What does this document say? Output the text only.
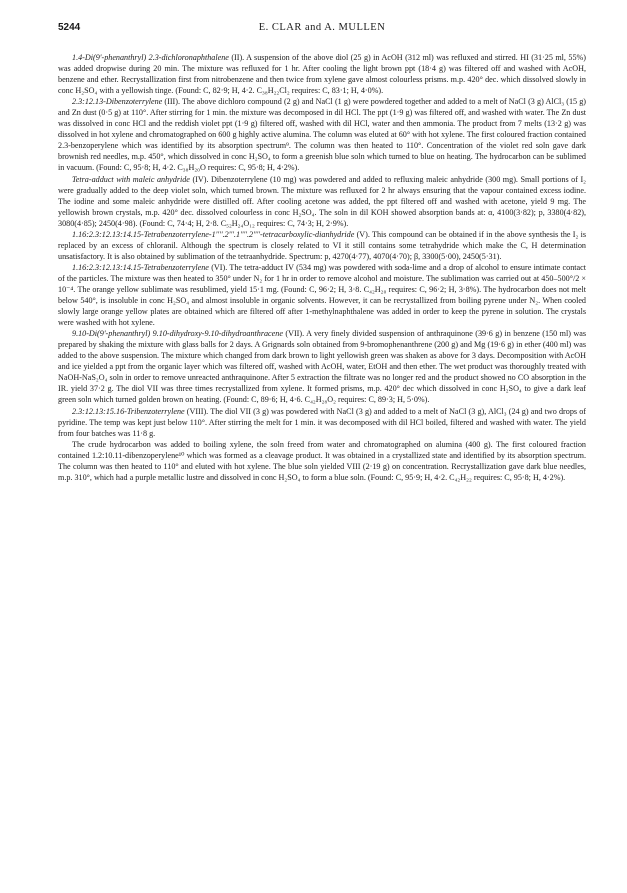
5244	E. CLAR and A. MULLEN

1.4-Di(9'-phenanthryl) 2.3-dichloronaphthalene (II). A suspension of the above diol (25 g) in AcOH (312 ml) was refluxed and stirred. HI (31·25 ml, 55%) was added dropwise during 20 min. The mixture was refluxed for 1 hr. After cooling the light brown ppt (18·4 g) was filtered off and washed with AcOH, benzene and ether. Recrystallization first from nitrobenzene and then twice from xylene gave almost colourless prisms. m.p. 420° dec. which dissolved slowly in conc H₂SO₄ with a yellowish tinge. (Found: C, 82·9; H, 4·2. C₃₈H₂₂Cl₂ requires: C, 83·1; H, 4·0%).

2.3:12.13-Dibenzoterrylene (III). The above dichloro compound (2 g) and NaCl (1 g) were powdered together and added to a melt of NaCl (3 g) AlCl₃ (15 g) and Zn dust (0·5 g) at 110°. After stirring for 1 min. the mixture was decomposed in dil HCl. The ppt (1·9 g) was filtered off, and washed with water. The Zn dust was dissolved in conc HCl and the reddish violet ppt (1·9 g) filtered off, washed with dil HCl, water and then ammonia. The product from 7 melts (13·2 g) was dissolved in hot xylene and chromatographed on 600 g highly active alumina. The column was eluted at 60° with hot xylene. The first coloured fraction contained 2.3-benzoperylene which was identified by its absorption spectrum⁹. The column was then heated to 110°. Concentration of the violet red soln gave dark brownish red needles, m.p. 450°, which dissolved in conc H₂SO₄ to form a greenish blue soln which turned to blue on heating. The hydrocarbon can be sublimed in vacuum. (Found: C, 95·8; H, 4·2. C₃₈H₂₀O requires: C, 95·8; H, 4·2%).

Tetra-adduct with maleic anhydride (IV). Dibenzoterrylene (10 mg) was powdered and added to refluxing maleic anhydride (300 mg). Small portions of I₂ were gradually added to the deep violet soln, which turned brown. The mixture was refluxed for 2 hr always ensuring that the vapour contained excess iodine. The iodine and some maleic anhydride were distilled off. After cooling acetone was added, the ppt filtered off and washed with acetone, yield 9 mg. The yellowish brown crystals, m.p. 420° dec. dissolved colourless in conc H₂SO₄. The soln in dil KOH showed absorption bands at: α, 4100(3·82); p, 3380(4·82), 3080(4·85); 2450(4·98). (Found: C, 74·4; H, 2·8. C₅₂H₂₄O₁₂ requires: C, 74·3; H, 2·9%).

1.16:2.3:12.13:14.15-Tetrabenzoterrylene-1''''.2'''.1''''.2''''-tetracarboxylic-dianhydride (V). This compound can be obtained if in the above synthesis the I₂ is replaced by an excess of chloranil. Although the spectrum is closely related to VI it still contains some tetrahydride which make the C, H determination unsatisfactory. It is also obtained by sublimation of the tetraanhydride. Spectrum: p, 4270(4·77), 4070(4·70); β, 3300(5·00), 2450(5·31).

1.16:2.3:12.13:14.15-Tetrabenzoterrylene (VI). The tetra-adduct IV (534 mg) was powdered with soda-lime and a drop of alcohol to ensure intimate contact of the particles. The mixture was then heated to 350° under N₂ for 1 hr in order to remove alcohol and moisture. The sublimation was carried out at 450–500°/2 × 10⁻⁴. The orange yellow sublimate was resublimed, yield 15·1 mg. (Found: C, 96·2; H, 3·8. C₄₂H₂₀ requires: C, 96·2; H, 3·8%). The hydrocarbon does not melt below 540°, is insoluble in conc H₂SO₄ and almost insoluble in organic solvents. However, it can be recrystallized from boiling pyrene under N₂. When cooled slowly large orange yellow plates are obtained which are filtered off after 1-methylnaphthalene was added in order to keep the pyrene in solution. The crystals were washed with hot xylene.

9.10-Di(9'-phenanthryl) 9.10-dihydroxy-9.10-dihydroanthracene (VII). A very finely divided suspension of anthraquinone (39·6 g) in benzene (150 ml) was prepared by shaking the mixture with glass balls for 2 days. A Grignards soln obtained from 9-bromophenanthrene (200 g) and Mg (19·6 g) in ether (400 ml) was added to the above suspension. The mixture which changed from dark brown to light yellowish green was shaken as above for 3 days. Decomposition with AcOH and ice yielded a ppt from the organic layer which was filtered off, washed with AcOH, water, EtOH and then ether. The wet product was thoroughly treated with NaOH-NaS₂O₄ soln in order to remove unreacted anthraquinone. After 5 extraction the filtrate was no longer red and the product showed no CO absorption in the IR. yield 37·2 g. The diol VII was three times recrystallized from xylene. It formed prisms, m.p. 420° dec which dissolved in conc H₂SO₄ to give a dark leaf green soln which turned golden brown on heating. (Found: C, 89·6; H, 4·6. C₄₂H₂₈O₂ requires: C, 89·3; H, 5·0%).

2.3:12.13:15.16-Tribenzoterrylene (VIII). The diol VII (3 g) was powdered with NaCl (3 g) and added to a melt of NaCl (3 g), AlCl₃ (24 g) and two drops of pyridine. The temp was kept just below 110°. After stirring the melt for 1 min. it was decomposed with dil HCl boiled, filtered and washed with water. The yield from four batches was 11·8 g.

The crude hydrocarbon was added to boiling xylene, the soln freed from water and chromatographed on alumina (400 g). The first coloured fraction contained 1.2:10.11-dibenzoperylene¹⁰ which was formed as a cleavage product. It was obtained in a crystallized state and identified by its absorption spectrum. The column was then heated to 110° and eluted with hot xylene. The blue soln yielded VIII (2·19 g) on concentration. Recrystallization gave dark blue needles, m.p. 310°, which had a purple metallic lustre and dissolved in conc H₂SO₄ to form a blue soln. (Found: C, 95·9; H, 4·2. C₄₂H₂₂ requires: C, 95·8; H, 4·2%).
